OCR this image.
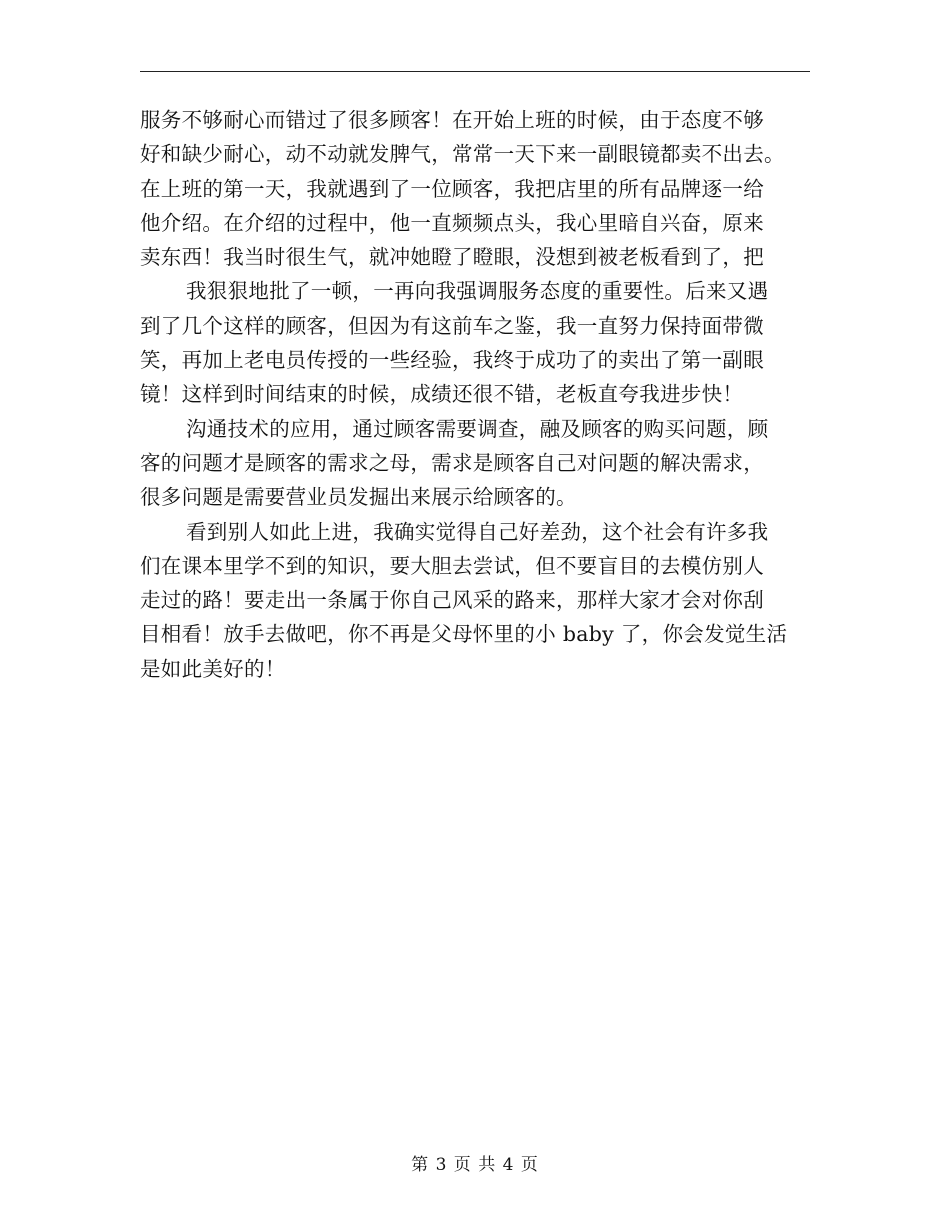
服务不够耐心而错过了很多顾客！在开始上班的时候，由于态度不够
好和缺少耐心，动不动就发脾气，常常一天下来一副眼镜都卖不出去。
在上班的第一天，我就遇到了一位顾客，我把店里的所有品牌逐一给
他介绍。在介绍的过程中，他一直频频点头，我心里暗自兴奋，原来
卖东西！我当时很生气，就冲她瞪了瞪眼，没想到被老板看到了，把
我狠狠地批了一顿，一再向我强调服务态度的重要性。后来又遇
到了几个这样的顾客，但因为有这前车之鉴，我一直努力保持面带微
笑，再加上老电员传授的一些经验，我终于成功了的卖出了第一副眼
镜！这样到时间结束的时候，成绩还很不错，老板直夸我进步快！
沟通技术的应用，通过顾客需要调查，融及顾客的购买问题，顾
客的问题才是顾客的需求之母，需求是顾客自己对问题的解决需求，
很多问题是需要营业员发掘出来展示给顾客的。
看到别人如此上进，我确实觉得自己好差劲，这个社会有许多我
们在课本里学不到的知识，要大胆去尝试，但不要盲目的去模仿别人
走过的路！要走出一条属于你自己风采的路来，那样大家才会对你刮
目相看！放手去做吧，你不再是父母怀里的小 baby 了，你会发觉生活
是如此美好的！
第 3 页 共 4 页
